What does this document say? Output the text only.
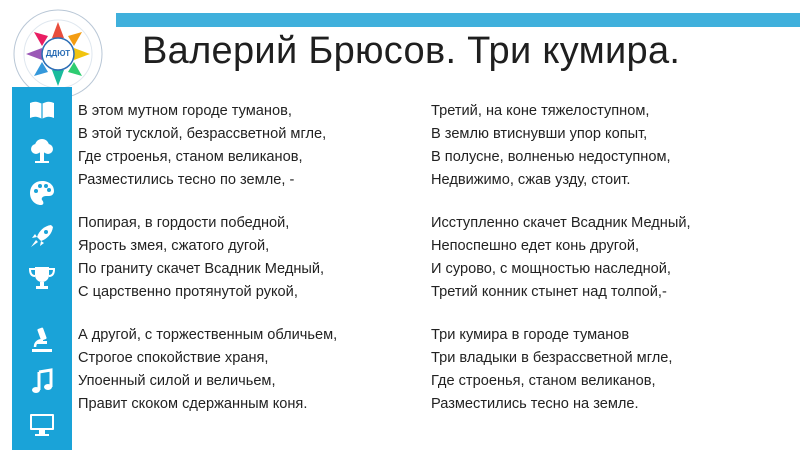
ДДЮТ Валерий Брюсов. Три кумира.
В этом мутном городе туманов,
В этой тусклой, безрассветной мгле,
Где строенья, станом великанов,
Разместились тесно по земле, -
Попирая, в гордости победной,
Ярость змея, сжатого дугой,
По граниту скачет Всадник Медный,
С царственно протянутой рукой,
А другой, с торжественным обличьем,
Строгое спокойствие храня,
Упоенный силой и величьем,
Правит скоком сдержанным коня.
Третий, на коне тяжелоступном,
В землю втиснувши упор копыт,
В полусне, волненью недоступном,
Недвижимо, сжав узду, стоит.
Исступленно скачет Всадник Медный,
Непоспешно едет конь другой,
И сурово, с мощностью наследной,
Третий конник стынет над толпой,-
Три кумира в городе туманов
Три владыки в безрассветной мгле,
Где строенья, станом великанов,
Разместились тесно на земле.
